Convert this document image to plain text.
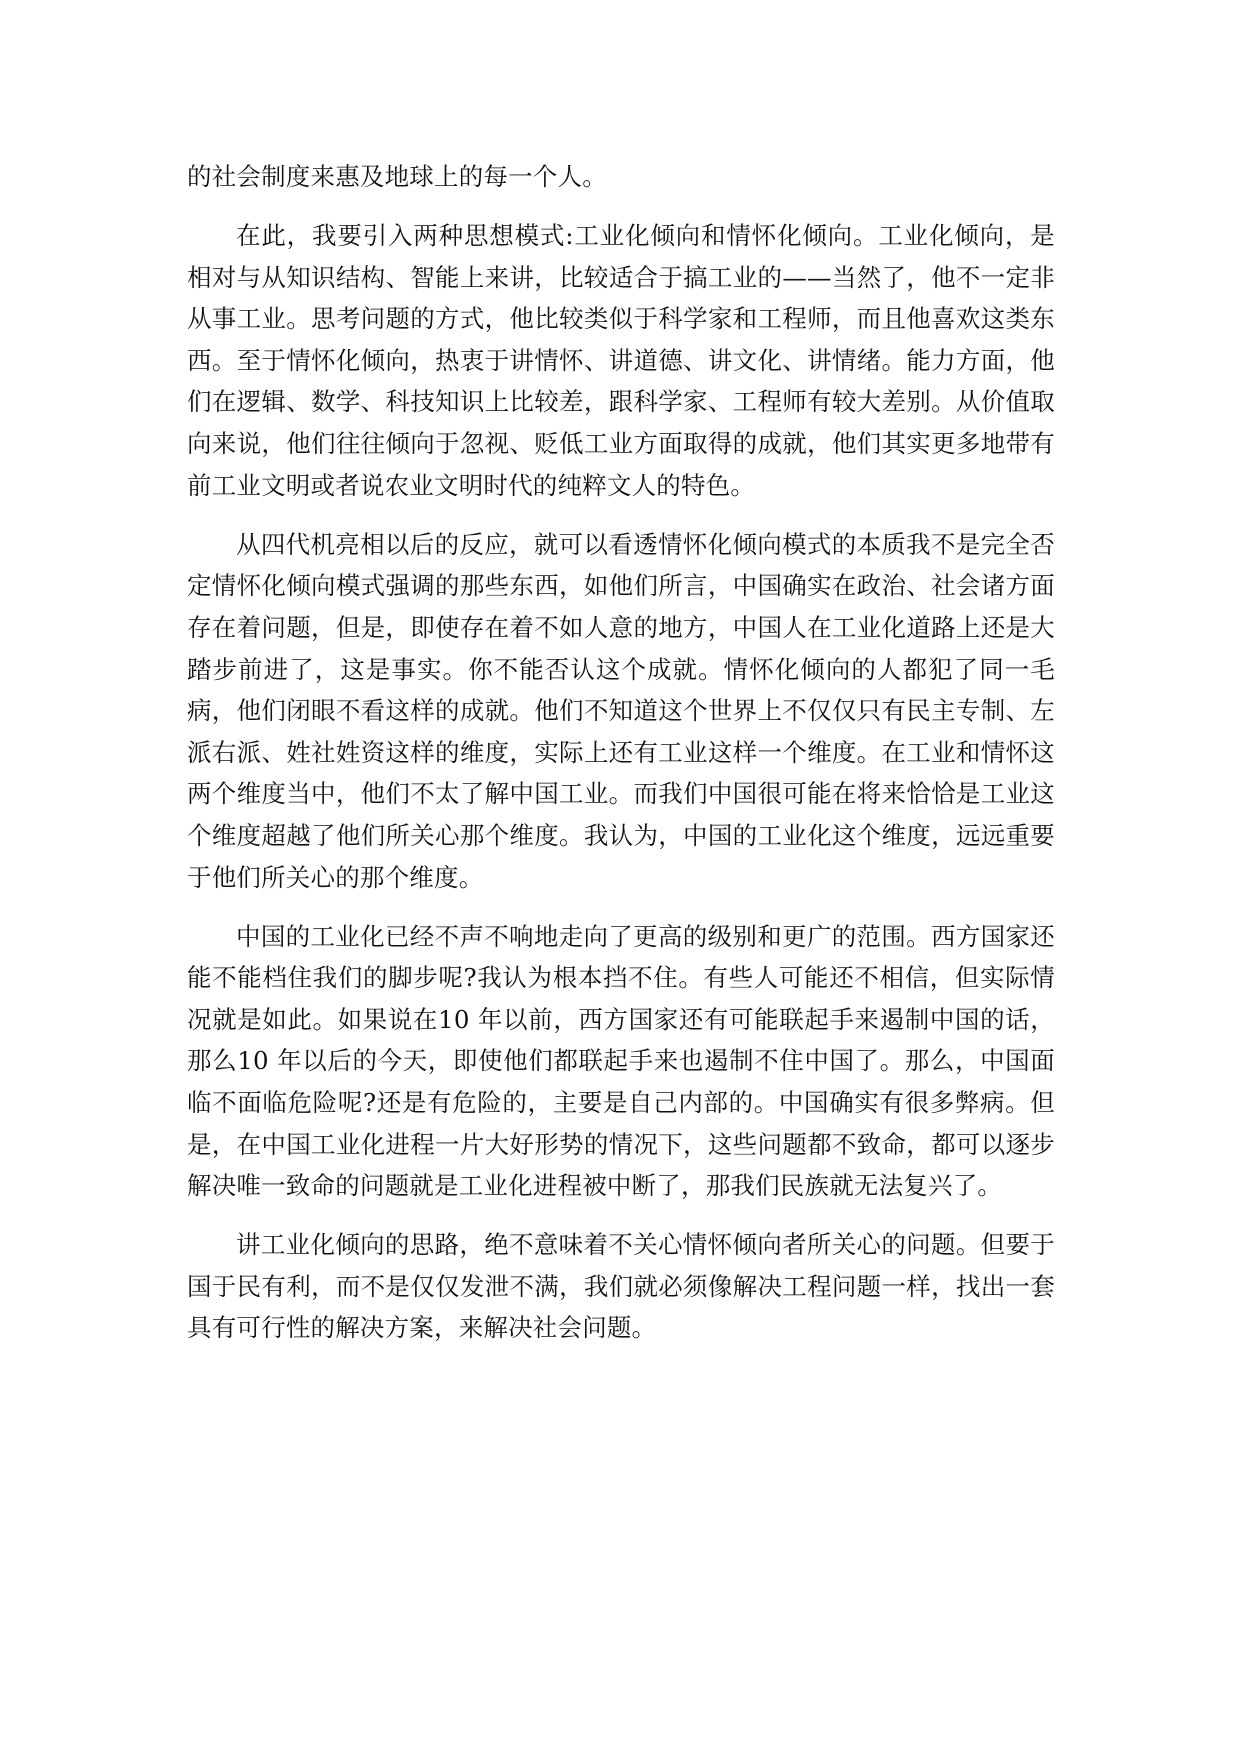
的社会制度来惠及地球上的每一个人。

在此，我要引入两种思想模式:工业化倾向和情怀化倾向。工业化倾向，是相对与从知识结构、智能上来讲，比较适合于搞工业的——当然了，他不一定非从事工业。思考问题的方式，他比较类似于科学家和工程师，而且他喜欢这类东西。至于情怀化倾向，热衷于讲情怀、讲道德、讲文化、讲情绪。能力方面，他们在逻辑、数学、科技知识上比较差，跟科学家、工程师有较大差别。从价值取向来说，他们往往倾向于忽视、贬低工业方面取得的成就，他们其实更多地带有前工业文明或者说农业文明时代的纯粹文人的特色。

从四代机亮相以后的反应，就可以看透情怀化倾向模式的本质我不是完全否定情怀化倾向模式强调的那些东西，如他们所言，中国确实在政治、社会诸方面存在着问题，但是，即使存在着不如人意的地方，中国人在工业化道路上还是大踏步前进了，这是事实。你不能否认这个成就。情怀化倾向的人都犯了同一毛病，他们闭眼不看这样的成就。他们不知道这个世界上不仅仅只有民主专制、左派右派、姓社姓资这样的维度，实际上还有工业这样一个维度。在工业和情怀这两个维度当中，他们不太了解中国工业。而我们中国很可能在将来恰恰是工业这个维度超越了他们所关心那个维度。我认为，中国的工业化这个维度，远远重要于他们所关心的那个维度。

中国的工业化已经不声不响地走向了更高的级别和更广的范围。西方国家还能不能档住我们的脚步呢?我认为根本挡不住。有些人可能还不相信，但实际情况就是如此。如果说在10 年以前，西方国家还有可能联起手来遏制中国的话，那么10 年以后的今天，即使他们都联起手来也遏制不住中国了。那么，中国面临不面临危险呢?还是有危险的，主要是自己内部的。中国确实有很多弊病。但是，在中国工业化进程一片大好形势的情况下，这些问题都不致命，都可以逐步解决唯一致命的问题就是工业化进程被中断了，那我们民族就无法复兴了。

讲工业化倾向的思路，绝不意味着不关心情怀倾向者所关心的问题。但要于国于民有利，而不是仅仅发泄不满，我们就必须像解决工程问题一样，找出一套具有可行性的解决方案，来解决社会问题。
